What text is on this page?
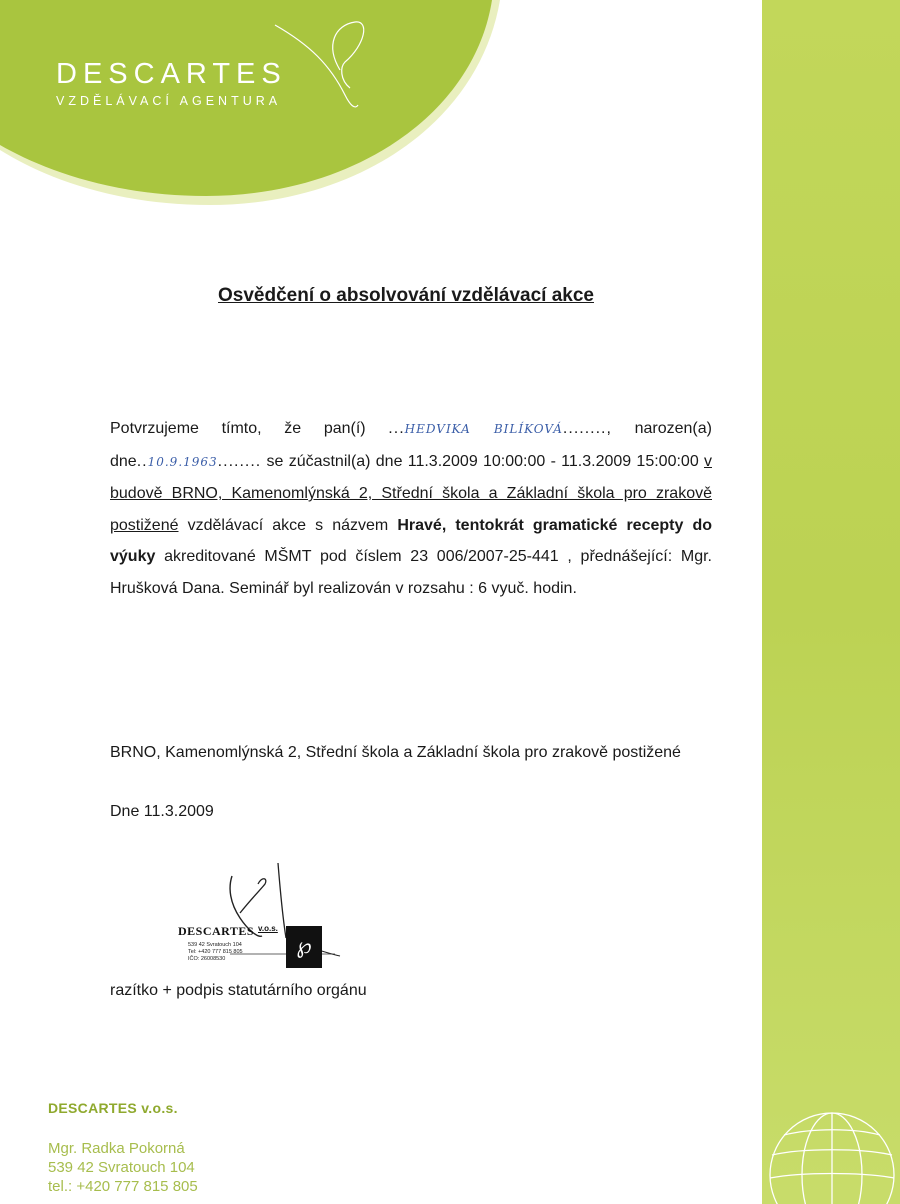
DESCARTES
VZDĚLÁVACÍ AGENTURA
Osvědčení o absolvování vzdělávací akce
Potvrzujeme tímto, že pan(í) ...HEDVIKA BILÍKOVÁ........, narozen(a) dne..10.9.1963........ se zúčastnil(a) dne 11.3.2009 10:00:00 - 11.3.2009 15:00:00 v budově BRNO, Kamenomlýnská 2, Střední škola a Základní škola pro zrakově postižené vzdělávací akce s názvem Hravé, tentokrát gramatické recepty do výuky akreditované MŠMT pod číslem 23 006/2007-25-441 , přednášející: Mgr. Hrušková Dana. Seminář byl realizován v rozsahu : 6 vyuč. hodin.
BRNO, Kamenomlýnská 2, Střední škola a Základní škola pro zrakově postižené
Dne 11.3.2009
DESCARTES v.o.s.
539 42 Svratouch 104
Tel: +420 777 815 805
IČO: 26008530	℘
razítko + podpis statutárního orgánu
DESCARTES v.o.s.
Mgr. Radka Pokorná
539 42 Svratouch 104
tel.: +420 777 815 805
